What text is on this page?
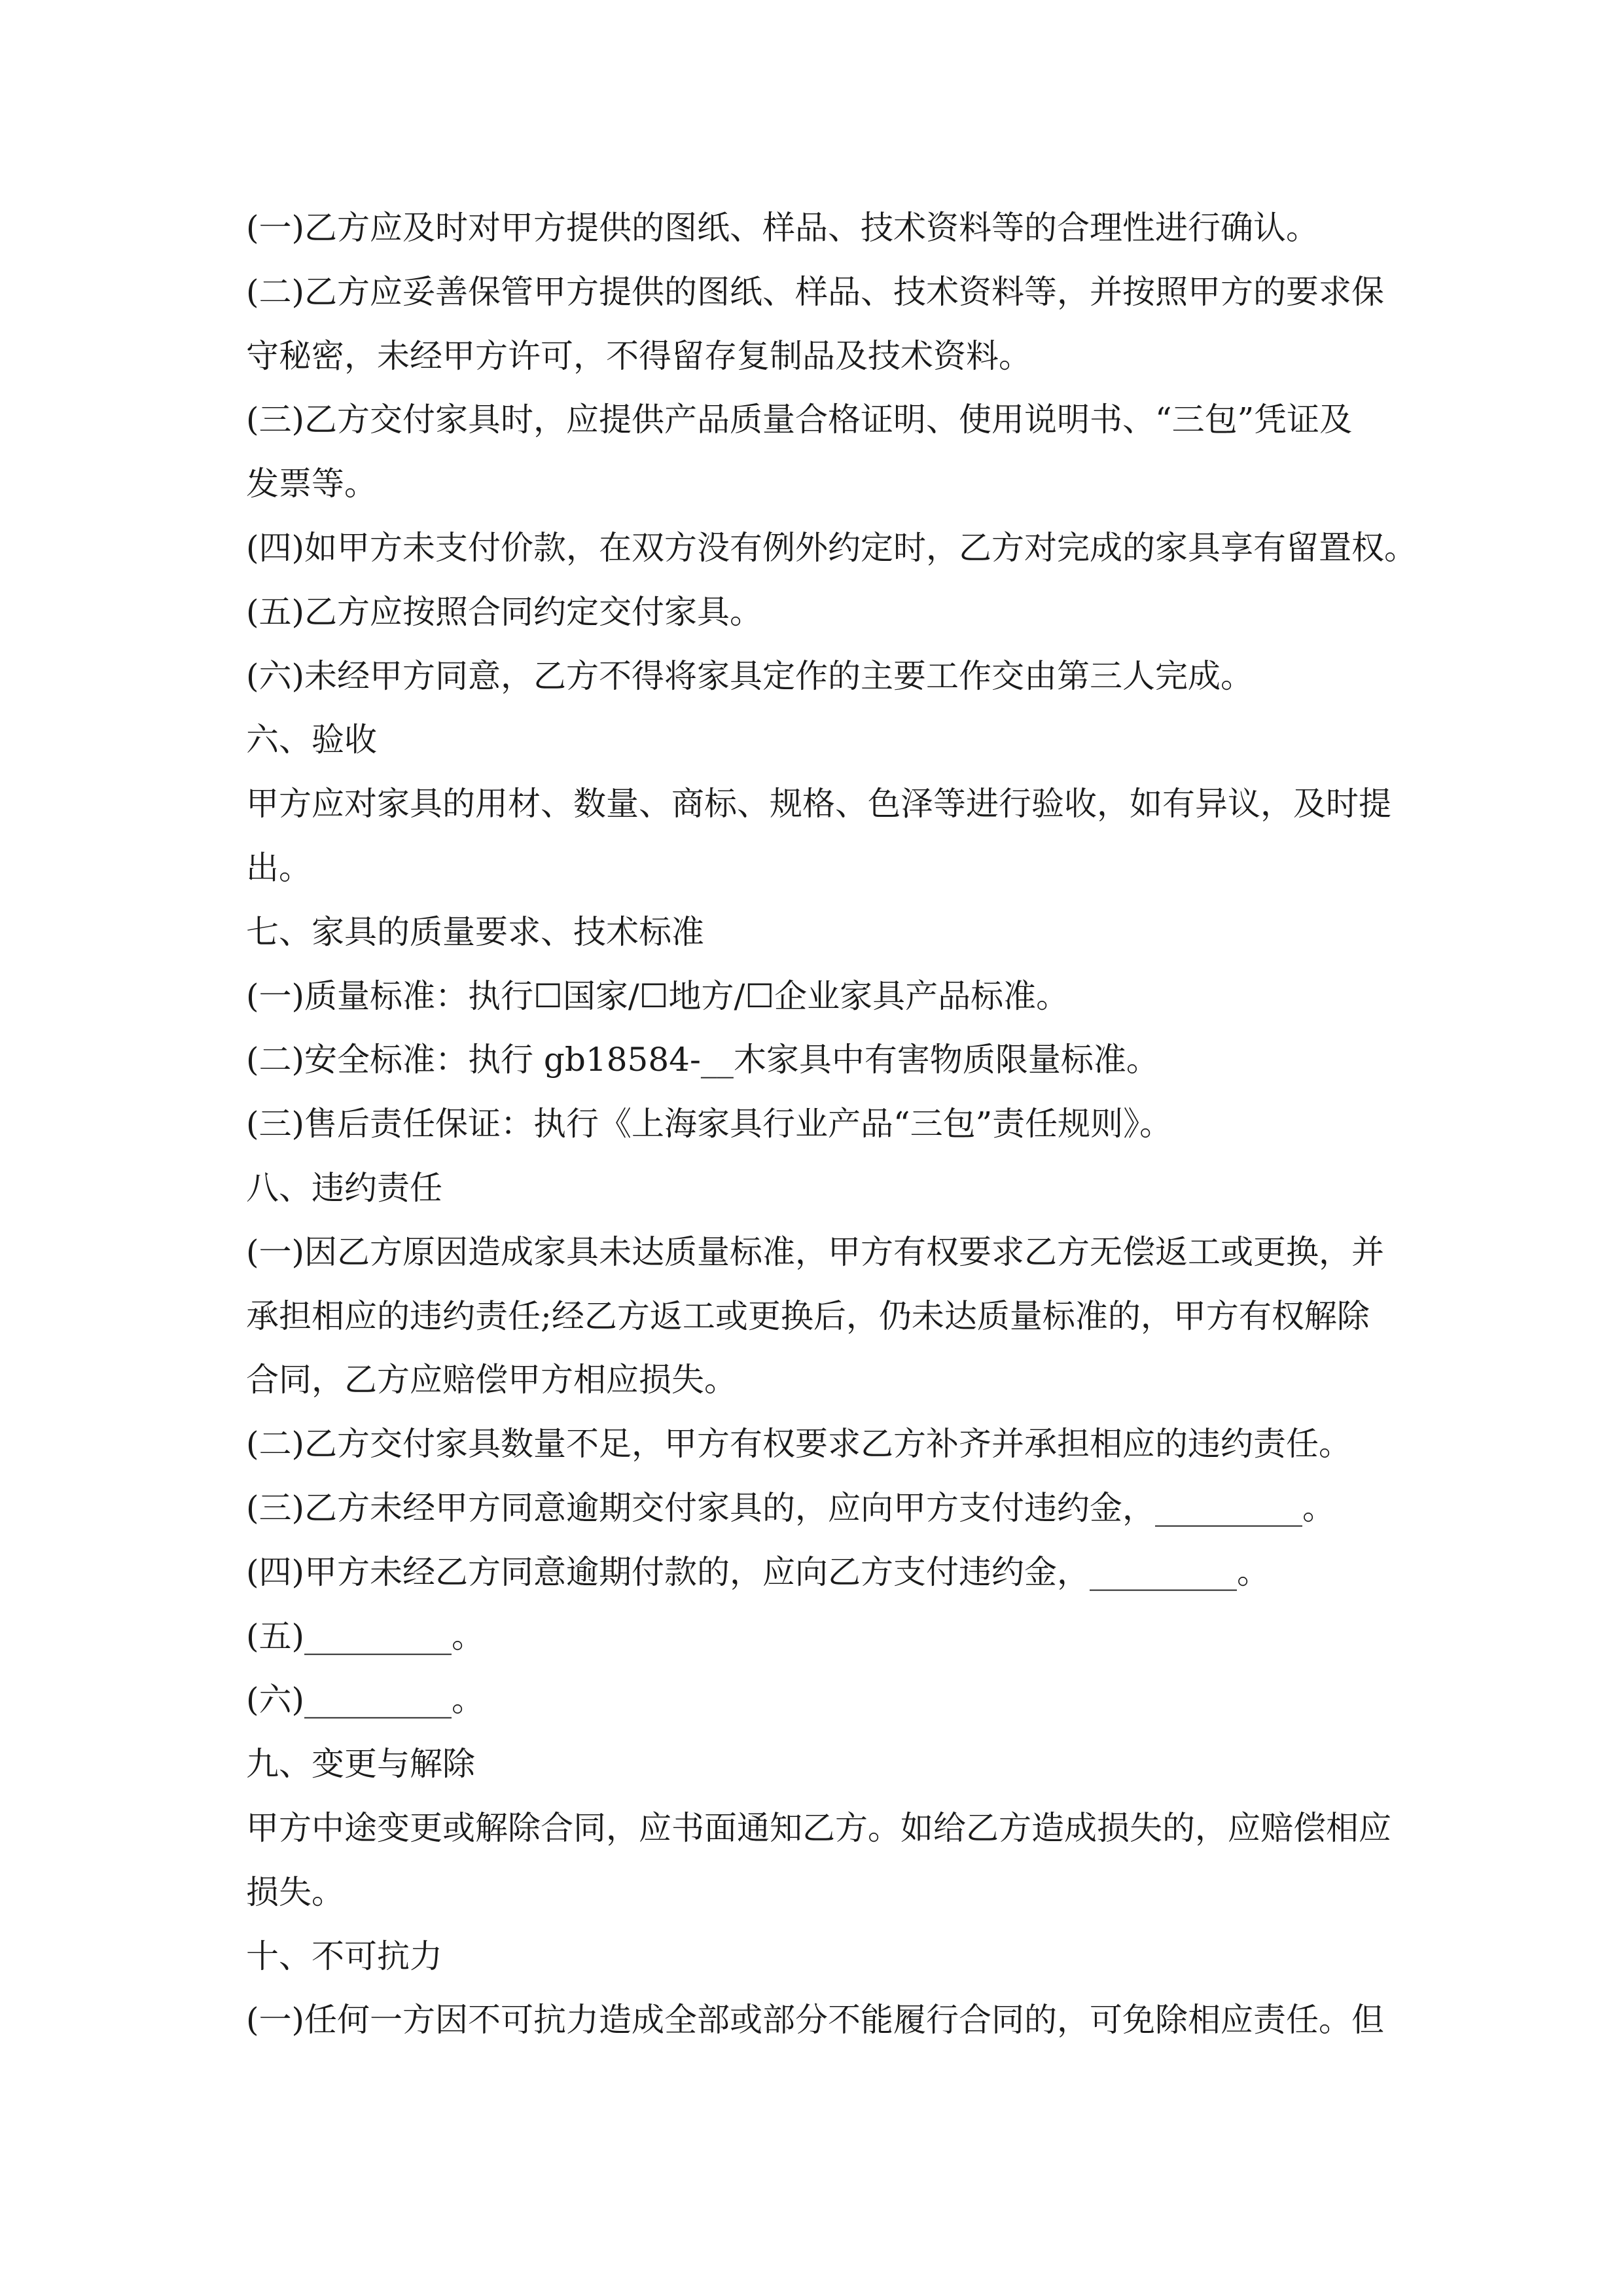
(一)乙方应及时对甲方提供的图纸、样品、技术资料等的合理性进行确认。
(二)乙方应妥善保管甲方提供的图纸、样品、技术资料等，并按照甲方的要求保
守秘密，未经甲方许可，不得留存复制品及技术资料。
(三)乙方交付家具时，应提供产品质量合格证明、使用说明书、“三包”凭证及
发票等。
(四)如甲方未支付价款，在双方没有例外约定时，乙方对完成的家具享有留置权。
(五)乙方应按照合同约定交付家具。
(六)未经甲方同意，乙方不得将家具定作的主要工作交由第三人完成。
六、验收
甲方应对家具的用材、数量、商标、规格、色泽等进行验收，如有异议，及时提
出。
七、家具的质量要求、技术标准
(一)质量标准：执行☐国家/☐地方/☐企业家具产品标准。
(二)安全标准：执行 gb18584-__木家具中有害物质限量标准。
(三)售后责任保证：执行《上海家具行业产品“三包”责任规则》。
八、违约责任
(一)因乙方原因造成家具未达质量标准，甲方有权要求乙方无偿返工或更换，并
承担相应的违约责任;经乙方返工或更换后，仍未达质量标准的，甲方有权解除
合同，乙方应赔偿甲方相应损失。
(二)乙方交付家具数量不足，甲方有权要求乙方补齐并承担相应的违约责任。
(三)乙方未经甲方同意逾期交付家具的，应向甲方支付违约金，_________。
(四)甲方未经乙方同意逾期付款的，应向乙方支付违约金，_________。
(五)_________。
(六)_________。
九、变更与解除
甲方中途变更或解除合同，应书面通知乙方。如给乙方造成损失的，应赔偿相应
损失。
十、不可抗力
(一)任何一方因不可抗力造成全部或部分不能履行合同的，可免除相应责任。但
